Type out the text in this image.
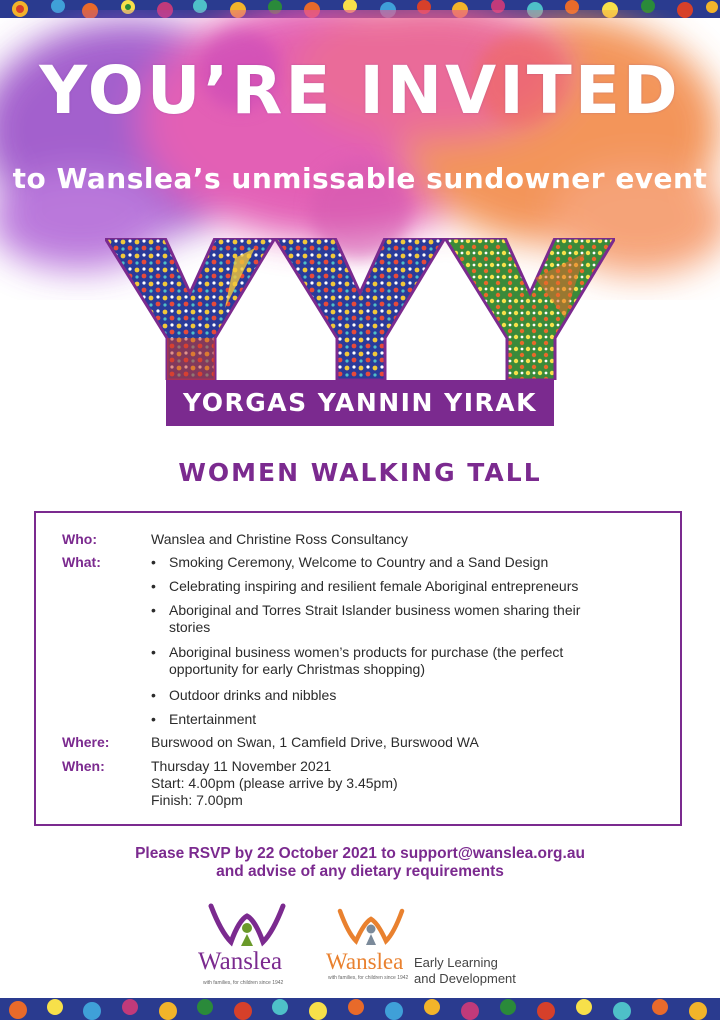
YOU’RE INVITED
to Wanslea’s unmissable sundowner event
YORGAS YANNIN YIRAK
WOMEN WALKING TALL
Who:	Wanslea and Christine Ross Consultancy
What:	• Smoking Ceremony, Welcome to Country and a Sand Design
• Celebrating inspiring and resilient female Aboriginal entrepreneurs
• Aboriginal and Torres Strait Islander business women sharing their stories
• Aboriginal business women’s products for purchase (the perfect opportunity for early Christmas shopping)
• Outdoor drinks and nibbles
• Entertainment
Where:	Burswood on Swan, 1 Camfield Drive, Burswood WA
When:	Thursday 11 November 2021
Start: 4.00pm (please arrive by 3.45pm)
Finish: 7.00pm
Please RSVP by 22 October 2021 to support@wanslea.org.au
and advise of any dietary requirements
Wanslea
with families, for children since 1942
Wanslea
with families, for children since 1942
Early Learning
and Development
